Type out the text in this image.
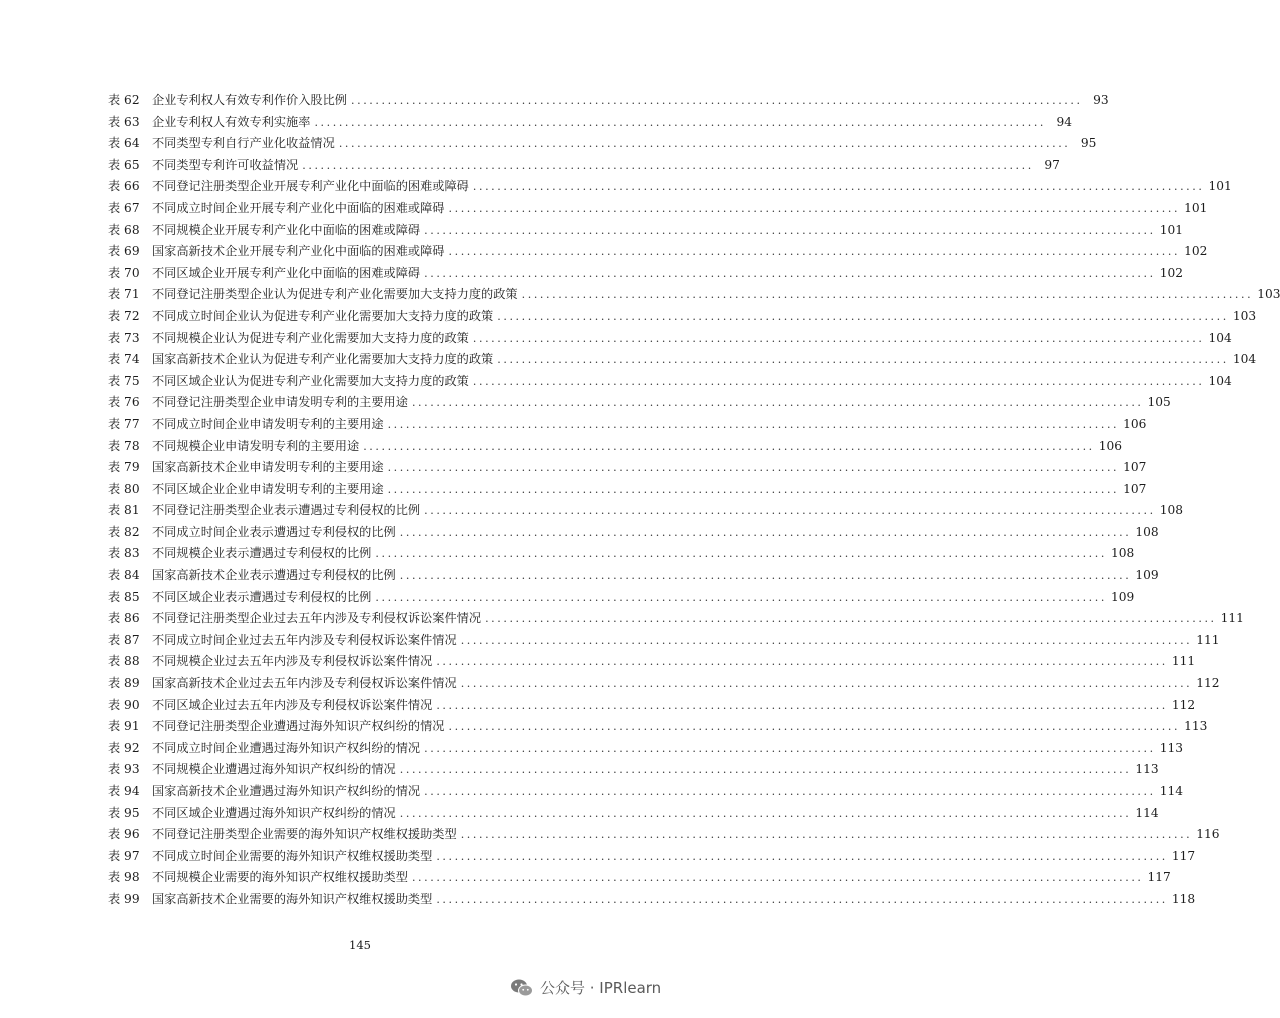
表 62	企业专利权人有效专利作价入股比例 ........................................................................................................................ 93
表 63	企业专利权人有效专利实施率 ........................................................................................................................ 94
表 64	不同类型专利自行产业化收益情况 ........................................................................................................................ 95
表 65	不同类型专利许可收益情况 ........................................................................................................................ 97
表 66	不同登记注册类型企业开展专利产业化中面临的困难或障碍 ........................................................................................................................ 101
表 67	不同成立时间企业开展专利产业化中面临的困难或障碍 ........................................................................................................................ 101
表 68	不同规模企业开展专利产业化中面临的困难或障碍 ........................................................................................................................ 101
表 69	国家高新技术企业开展专利产业化中面临的困难或障碍 ........................................................................................................................ 102
表 70	不同区域企业开展专利产业化中面临的困难或障碍 ........................................................................................................................ 102
表 71	不同登记注册类型企业认为促进专利产业化需要加大支持力度的政策 ........................................................................................................................ 103
表 72	不同成立时间企业认为促进专利产业化需要加大支持力度的政策 ........................................................................................................................ 103
表 73	不同规模企业认为促进专利产业化需要加大支持力度的政策 ........................................................................................................................ 104
表 74	国家高新技术企业认为促进专利产业化需要加大支持力度的政策 ........................................................................................................................ 104
表 75	不同区域企业认为促进专利产业化需要加大支持力度的政策 ........................................................................................................................ 104
表 76	不同登记注册类型企业申请发明专利的主要用途 ........................................................................................................................ 105
表 77	不同成立时间企业申请发明专利的主要用途 ........................................................................................................................ 106
表 78	不同规模企业申请发明专利的主要用途 ........................................................................................................................ 106
表 79	国家高新技术企业申请发明专利的主要用途 ........................................................................................................................ 107
表 80	不同区域企业企业申请发明专利的主要用途 ........................................................................................................................ 107
表 81	不同登记注册类型企业表示遭遇过专利侵权的比例 ........................................................................................................................ 108
表 82	不同成立时间企业表示遭遇过专利侵权的比例 ........................................................................................................................ 108
表 83	不同规模企业表示遭遇过专利侵权的比例 ........................................................................................................................ 108
表 84	国家高新技术企业表示遭遇过专利侵权的比例 ........................................................................................................................ 109
表 85	不同区域企业表示遭遇过专利侵权的比例 ........................................................................................................................ 109
表 86	不同登记注册类型企业过去五年内涉及专利侵权诉讼案件情况 ........................................................................................................................ 111
表 87	不同成立时间企业过去五年内涉及专利侵权诉讼案件情况 ........................................................................................................................ 111
表 88	不同规模企业过去五年内涉及专利侵权诉讼案件情况 ........................................................................................................................ 111
表 89	国家高新技术企业过去五年内涉及专利侵权诉讼案件情况 ........................................................................................................................ 112
表 90	不同区域企业过去五年内涉及专利侵权诉讼案件情况 ........................................................................................................................ 112
表 91	不同登记注册类型企业遭遇过海外知识产权纠纷的情况 ........................................................................................................................ 113
表 92	不同成立时间企业遭遇过海外知识产权纠纷的情况 ........................................................................................................................ 113
表 93	不同规模企业遭遇过海外知识产权纠纷的情况 ........................................................................................................................ 113
表 94	国家高新技术企业遭遇过海外知识产权纠纷的情况 ........................................................................................................................ 114
表 95	不同区域企业遭遇过海外知识产权纠纷的情况 ........................................................................................................................ 114
表 96	不同登记注册类型企业需要的海外知识产权维权援助类型 ........................................................................................................................ 116
表 97	不同成立时间企业需要的海外知识产权维权援助类型 ........................................................................................................................ 117
表 98	不同规模企业需要的海外知识产权维权援助类型 ........................................................................................................................ 117
表 99	国家高新技术企业需要的海外知识产权维权援助类型 ........................................................................................................................ 118
145
公众号 · IPRlearn
